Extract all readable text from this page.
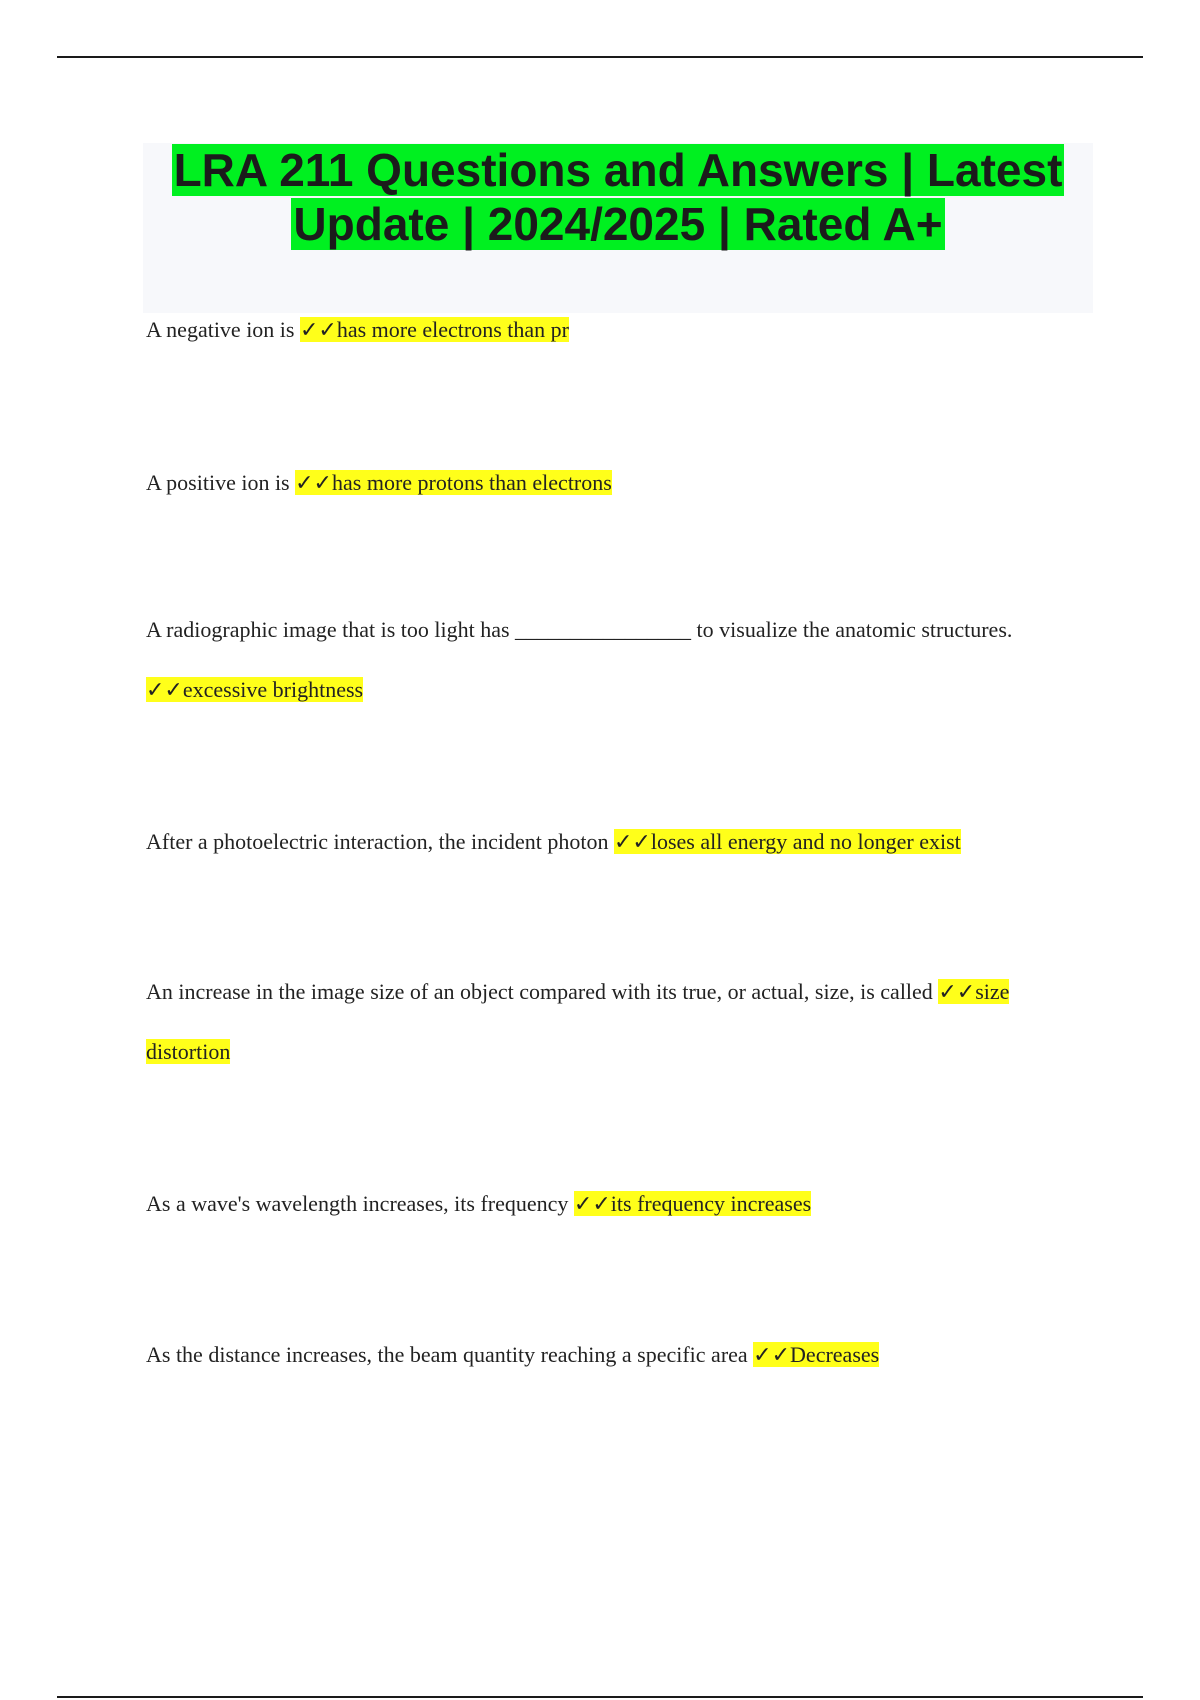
LRA 211 Questions and Answers | Latest Update | 2024/2025 | Rated A+

A negative ion is ✓✓has more electrons than pr

A positive ion is ✓✓has more protons than electrons

A radiographic image that is too light has ________________ to visualize the anatomic structures. ✓✓excessive brightness

After a photoelectric interaction, the incident photon ✓✓loses all energy and no longer exist

An increase in the image size of an object compared with its true, or actual, size, is called ✓✓size distortion

As a wave's wavelength increases, its frequency ✓✓its frequency increases

As the distance increases, the beam quantity reaching a specific area ✓✓Decreases
